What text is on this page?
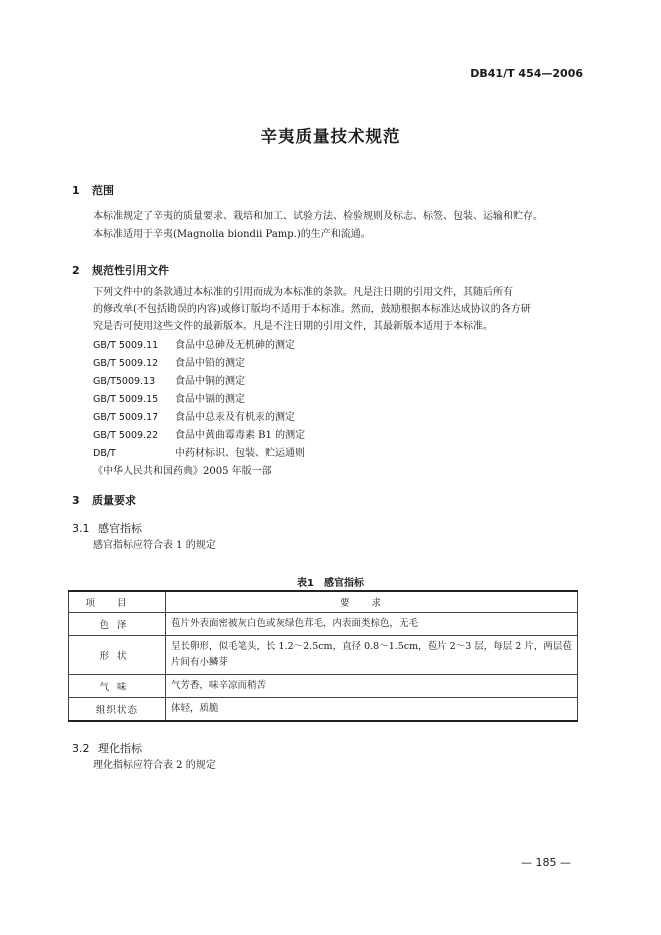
DB41/T 454—2006
辛夷质量技术规范
1 范围
本标准规定了辛夷的质量要求、栽培和加工、试验方法、检验规则及标志、标签、包装、运输和贮存。
本标准适用于辛夷(Magnolia biondii Pamp.)的生产和流通。
2 规范性引用文件
下列文件中的条款通过本标准的引用而成为本标准的条款。凡是注日期的引用文件，其随后所有
的修改单(不包括勘误的内容)或修订版均不适用于本标准。然而，鼓励根据本标准达成协议的各方研
究是否可使用这些文件的最新版本。凡是不注日期的引用文件，其最新版本适用于本标准。
GB/T 5009.11	食品中总砷及无机砷的测定
GB/T 5009.12	食品中铅的测定
GB/T5009.13	食品中铜的测定
GB/T 5009.15	食品中镉的测定
GB/T 5009.17	食品中总汞及有机汞的测定
GB/T 5009.22	食品中黄曲霉毒素 B1 的测定
DB/T	中药材标识、包装、贮运通则
《中华人民共和国药典》2005 年版一部
3 质量要求
3.1 感官指标
感官指标应符合表 1 的规定
表1　感官指标
项目	要求
色泽	苞片外表面密被灰白色或灰绿色茸毛，内表面类棕色，无毛
形状	呈长卵形，似毛笔头，长 1.2～2.5cm，直径 0.8～1.5cm，苞片 2～3 层，每层 2 片，两层苞片间有小鳞芽
气味	气芳香，味辛凉而稍苦
组织状态	体轻，质脆
3.2 理化指标
理化指标应符合表 2 的规定
— 185 —
